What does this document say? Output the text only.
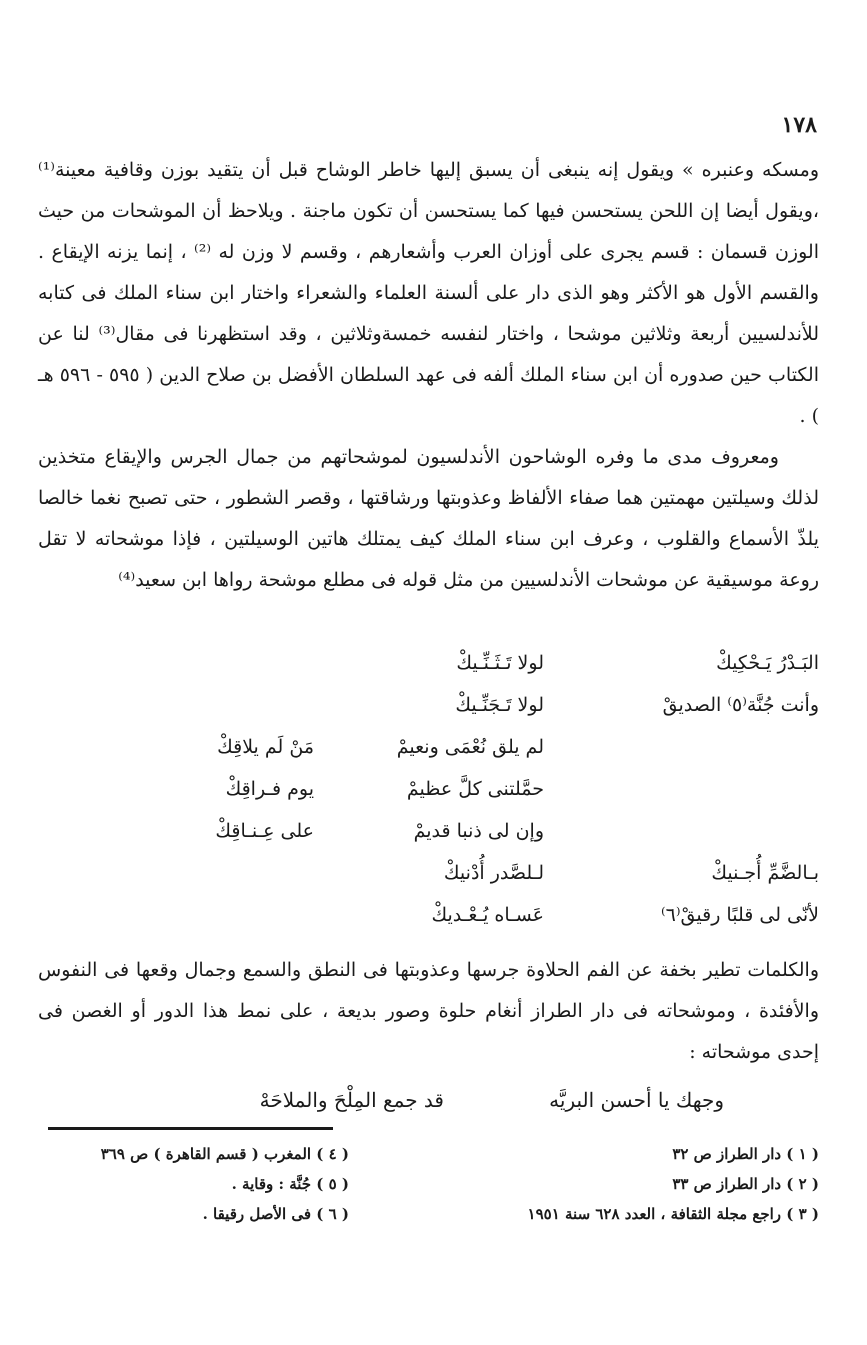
١٧٨

ومسكه وعنبره » ويقول إنه ينبغى أن يسبق إليها خاطر الوشاح قبل أن يتقيد بوزن وقافية معينة⁽¹⁾ ،ويقول أيضا إن اللحن يستحسن فيها كما يستحسن أن تكون ماجنة . ويلاحظ أن الموشحات من حيث الوزن قسمان : قسم يجرى على أوزان العرب وأشعارهم ، وقسم لا وزن له ⁽²⁾ ، إنما يزنه الإيقاع . والقسم الأول هو الأكثر وهو الذى دار على ألسنة العلماء والشعراء واختار ابن سناء الملك فى كتابه للأندلسيين أربعة وثلاثين موشحا ، واختار لنفسه خمسةوثلاثين ، وقد استظهرنا فى مقال⁽³⁾ لنا عن الكتاب حين صدوره أن ابن سناء الملك ألفه فى عهد السلطان الأفضل بن صلاح الدين ( ٥٩٥ - ٥٩٦ هـ ) .

ومعروف مدى ما وفره الوشاحون الأندلسيون لموشحاتهم من جمال الجرس والإيقاع متخذين لذلك وسيلتين مهمتين هما صفاء الألفاظ وعذوبتها ورشاقتها ، وقصر الشطور ، حتى تصبح نغما خالصا يلذّ الأسماع والقلوب ، وعرف ابن سناء الملك كيف يمتلك هاتين الوسيلتين ، فإذا موشحاته لا تقل روعة موسيقية عن موشحات الأندلسيين من مثل قوله فى مطلع موشحة رواها ابن سعيد⁽⁴⁾

البَـدْرُ يَـحْكِيكْ
لولا تَـثَـنِّـيكْ
وأنت جُنَّة⁽٥⁾ الصديقْ
لولا تَـجَنِّـيكْ
لم يلق نُعْمَى ونعيمْ
مَنْ لَم يلاقِكْ
حمَّلتنى كلَّ عظيمْ
يوم فـراقِكْ
وإن لى ذنبا قديمْ
على عِـنـاقِكْ
بـالضَّمِّ أُجـنيكْ
لـلصَّدر أُدْنيكْ
لأنّى لى قلبًا رقيقْ⁽٦⁾
عَسـاه يُـعْـديكْ

والكلمات تطير بخفة عن الفم الحلاوة جرسها وعذوبتها فى النطق والسمع وجمال وقعها فى النفوس والأفئدة ، وموشحاته فى دار الطراز أنغام حلوة وصور بديعة ، على نمط هذا الدور أو الغصن فى إحدى موشحاته :

وجهك يا أحسن البريَّه
قد جمع المِلْحَ والملاحَهْ
( ١ ) دار الطراز ص ٣٢
( ٤ ) المغرب ( قسم القاهرة ) ص ٣٦٩
( ٢ ) دار الطراز ص ٣٣
( ٥ ) جُنَّة : وقاية .
( ٣ ) راجع مجلة الثقافة ، العدد ٦٢٨ سنة ١٩٥١
( ٦ ) فى الأصل رقيقا .
